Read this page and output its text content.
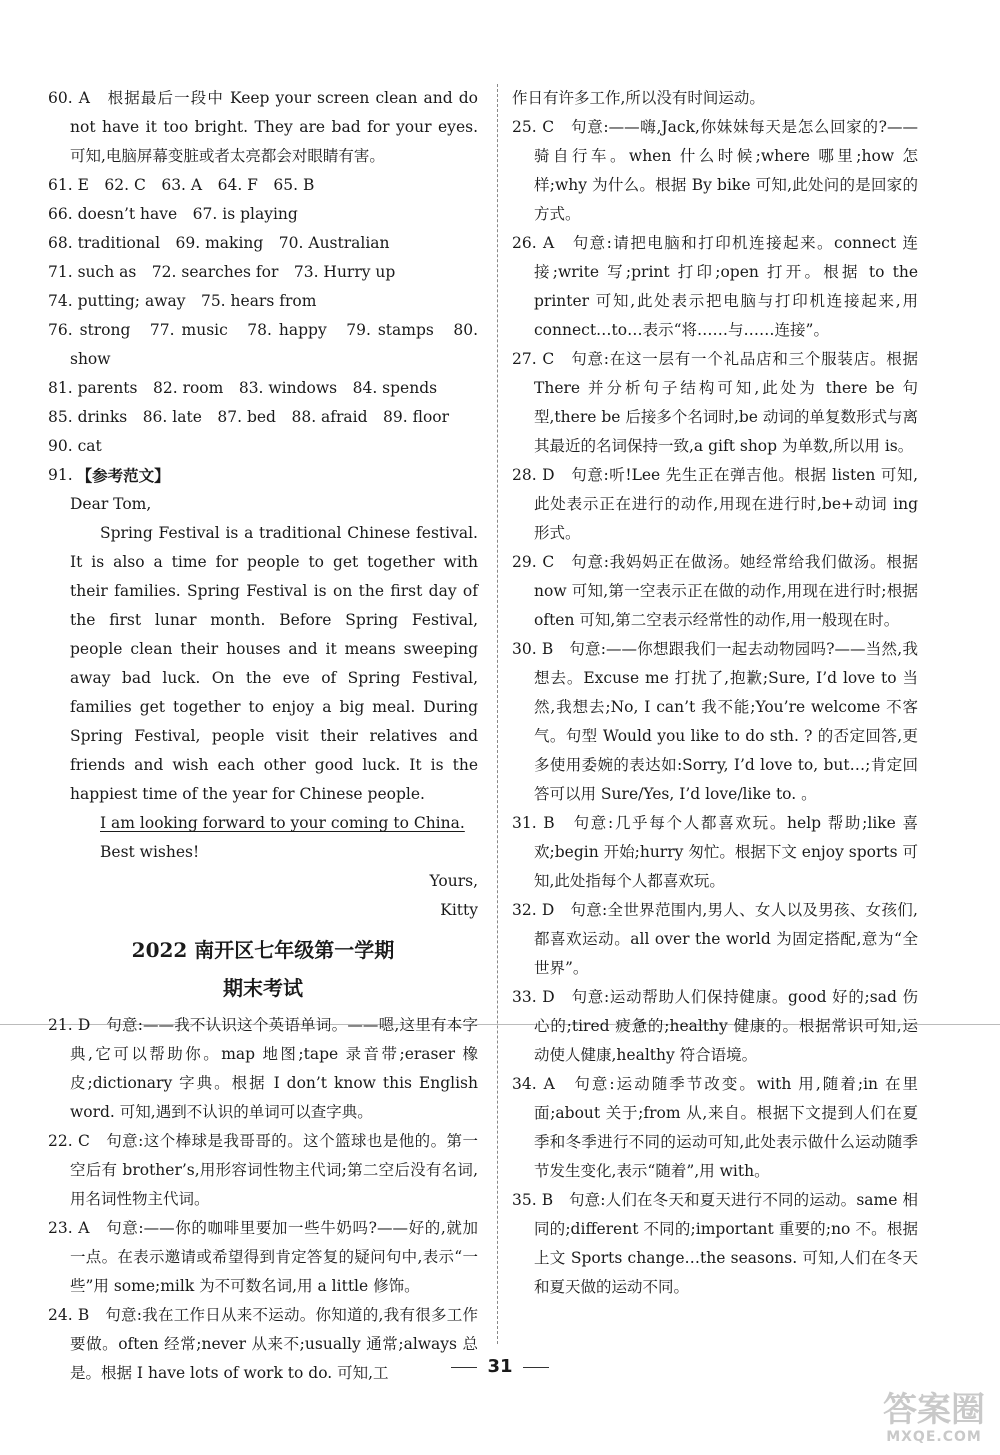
60. A　根据最后一段中 Keep your screen clean and do not have it too bright. They are bad for your eyes. 可知,电脑屏幕变脏或者太亮都会对眼睛有害。

61. E　62. C　63. A　64. F　65. B

66. doesn’t have　67. is playing

68. traditional　69. making　70. Australian

71. such as　72. searches for　73. Hurry up

74. putting; away　75. hears from

76. strong　77. music　78. happy　79. stamps　80. show

81. parents　82. room　83. windows　84. spends

85. drinks　86. late　87. bed　88. afraid　89. floor

90. cat

91. 【参考范文】

Dear Tom,

Spring Festival is a traditional Chinese festival. It is also a time for people to get together with their families. Spring Festival is on the first day of the first lunar month. Before Spring Festival, people clean their houses and it means sweeping away bad luck. On the eve of Spring Festival, families get together to enjoy a big meal. During Spring Festival, people visit their relatives and friends and wish each other good luck. It is the happiest time of the year for Chinese people.

I am looking forward to your coming to China.

Best wishes!

Yours,

Kitty

2022 南开区七年级第一学期
期末考试

21. D　句意:——我不认识这个英语单词。——嗯,这里有本字典,它可以帮助你。map 地图;tape 录音带;eraser 橡皮;dictionary 字典。根据 I don’t know this English word. 可知,遇到不认识的单词可以查字典。

22. C　句意:这个棒球是我哥哥的。这个篮球也是他的。第一空后有 brother’s,用形容词性物主代词;第二空后没有名词,用名词性物主代词。

23. A　句意:——你的咖啡里要加一些牛奶吗?——好的,就加一点。在表示邀请或希望得到肯定答复的疑问句中,表示“一些”用 some;milk 为不可数名词,用 a little 修饰。

24. B　句意:我在工作日从来不运动。你知道的,我有很多工作要做。often 经常;never 从来不;usually 通常;always 总是。根据 I have lots of work to do. 可知,工

作日有许多工作,所以没有时间运动。

25. C　句意:——嗨,Jack,你妹妹每天是怎么回家的?——骑自行车。when 什么时候;where 哪里;how 怎样;why 为什么。根据 By bike 可知,此处问的是回家的方式。

26. A　句意:请把电脑和打印机连接起来。connect 连接;write 写;print 打印;open 打开。根据 to the printer 可知,此处表示把电脑与打印机连接起来,用 connect…to…表示“将……与……连接”。

27. C　句意:在这一层有一个礼品店和三个服装店。根据 There 并分析句子结构可知,此处为 there be 句型,there be 后接多个名词时,be 动词的单复数形式与离其最近的名词保持一致,a gift shop 为单数,所以用 is。

28. D　句意:听!Lee 先生正在弹吉他。根据 listen 可知,此处表示正在进行的动作,用现在进行时,be+动词 ing 形式。

29. C　句意:我妈妈正在做汤。她经常给我们做汤。根据 now 可知,第一空表示正在做的动作,用现在进行时;根据 often 可知,第二空表示经常性的动作,用一般现在时。

30. B　句意:——你想跟我们一起去动物园吗?——当然,我想去。Excuse me 打扰了,抱歉;Sure, I’d love to 当然,我想去;No, I can’t 我不能;You’re welcome 不客气。句型 Would you like to do sth. ? 的否定回答,更多使用委婉的表达如:Sorry, I’d love to, but…;肯定回答可以用 Sure/Yes, I’d love/like to. 。

31. B　句意:几乎每个人都喜欢玩。help 帮助;like 喜欢;begin 开始;hurry 匆忙。根据下文 enjoy sports 可知,此处指每个人都喜欢玩。

32. D　句意:全世界范围内,男人、女人以及男孩、女孩们,都喜欢运动。all over the world 为固定搭配,意为“全世界”。

33. D　句意:运动帮助人们保持健康。good 好的;sad 伤心的;tired 疲惫的;healthy 健康的。根据常识可知,运动使人健康,healthy 符合语境。

34. A　句意:运动随季节改变。with 用,随着;in 在里面;about 关于;from 从,来自。根据下文提到人们在夏季和冬季进行不同的运动可知,此处表示做什么运动随季节发生变化,表示“随着”,用 with。

35. B　句意:人们在冬天和夏天进行不同的运动。same 相同的;different 不同的;important 重要的;no 不。根据上文 Sports change…the seasons. 可知,人们在冬天和夏天做的运动不同。

31
答案圈
MXQE.COM
